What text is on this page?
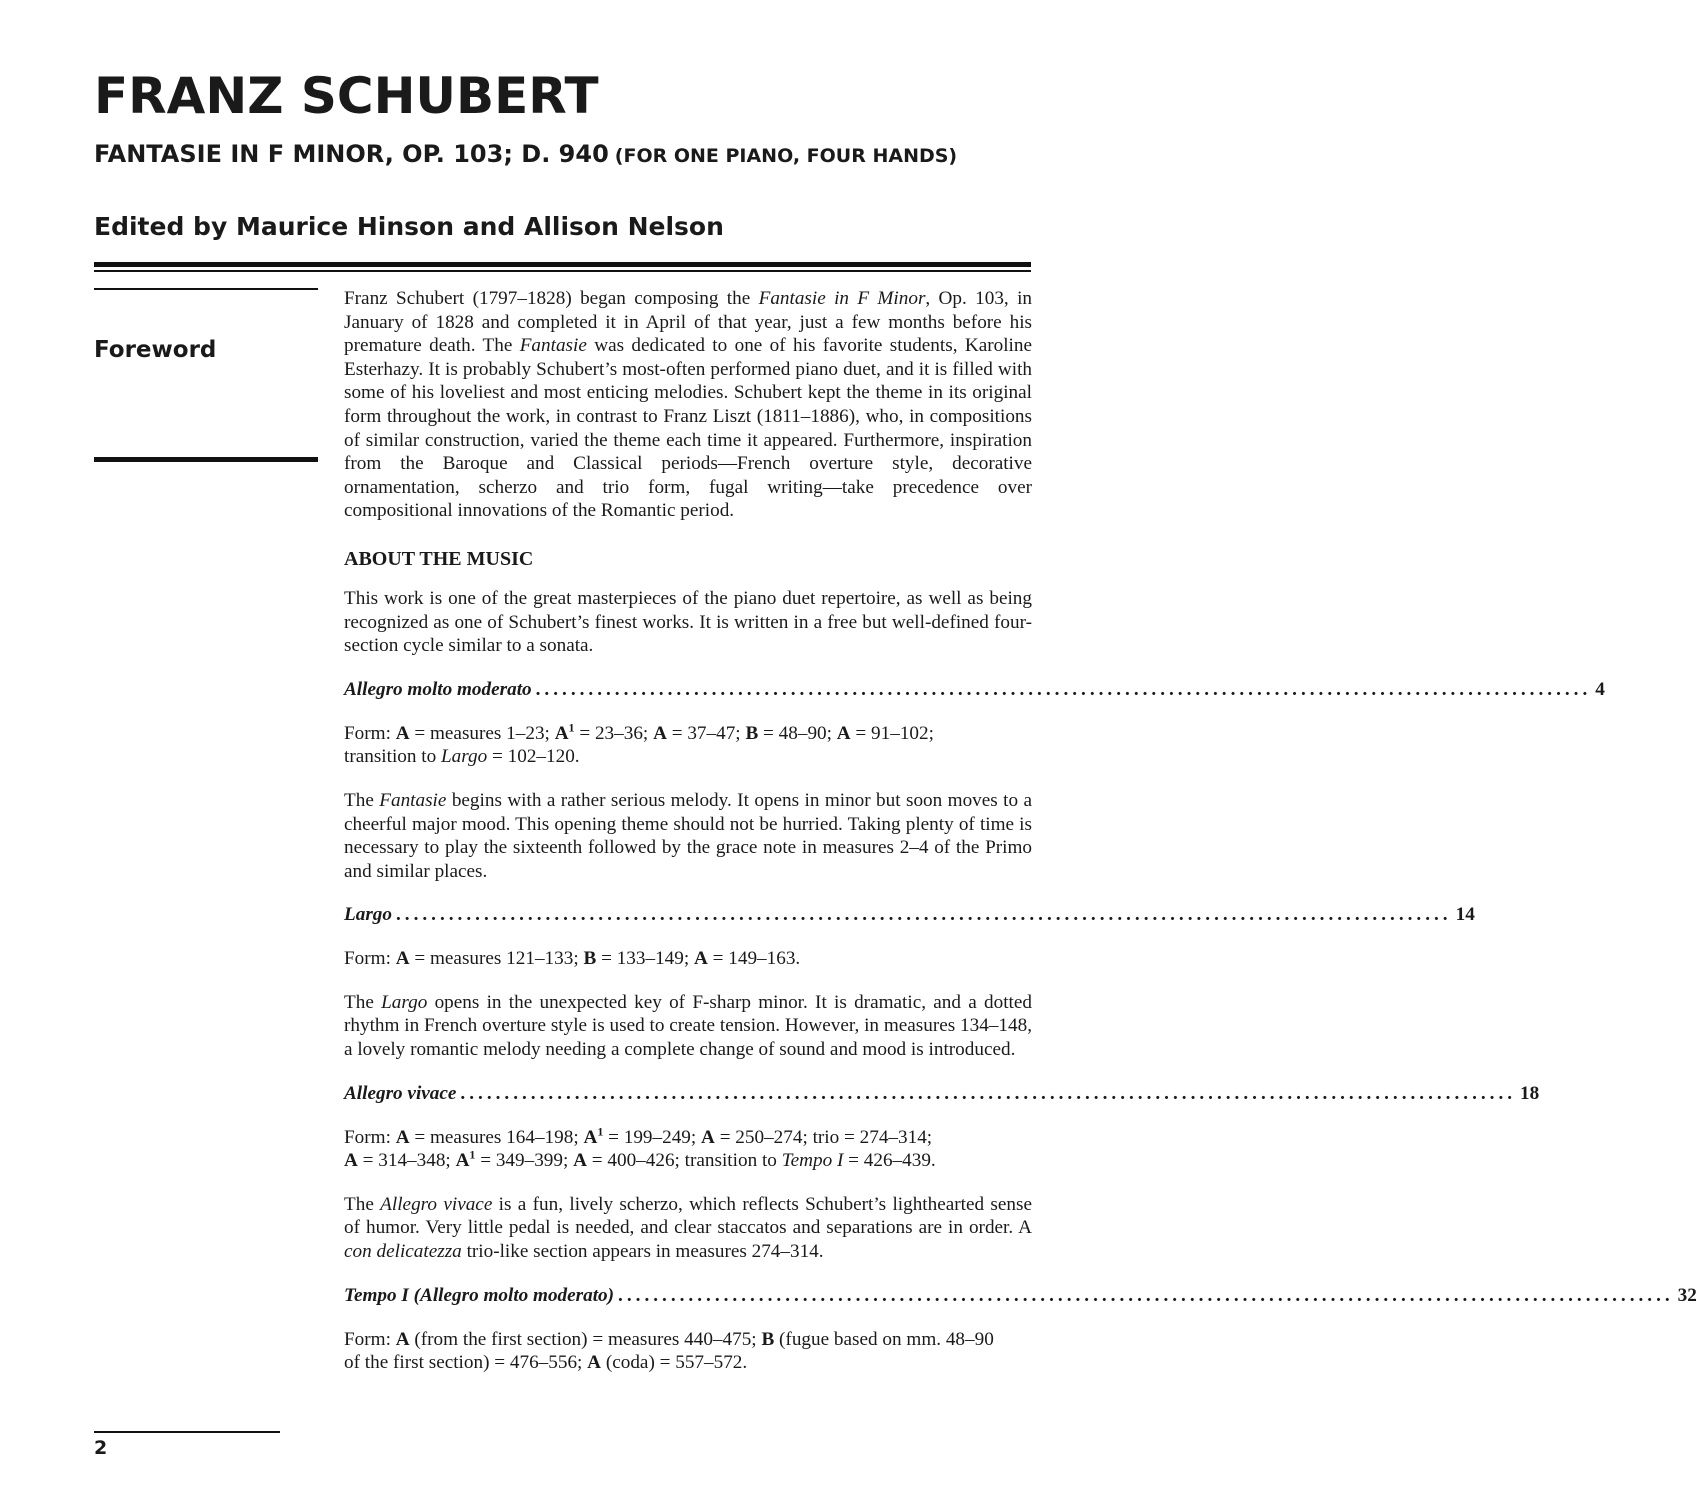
FRANZ SCHUBERT
FANTASIE IN F MINOR, OP. 103; D. 940 (FOR ONE PIANO, FOUR HANDS)
Edited by Maurice Hinson and Allison Nelson
Foreword

Franz Schubert (1797–1828) began composing the Fantasie in F Minor, Op. 103, in January of 1828 and completed it in April of that year, just a few months before his premature death. The Fantasie was dedicated to one of his favorite students, Karoline Esterhazy. It is probably Schubert’s most-often performed piano duet, and it is filled with some of his loveliest and most enticing melodies. Schubert kept the theme in its original form throughout the work, in contrast to Franz Liszt (1811–1886), who, in compositions of similar construction, varied the theme each time it appeared. Furthermore, inspiration from the Baroque and Classical periods—French overture style, decorative ornamentation, scherzo and trio form, fugal writing—take precedence over compositional innovations of the Romantic period.

ABOUT THE MUSIC

This work is one of the great masterpieces of the piano duet repertoire, as well as being recognized as one of Schubert’s finest works. It is written in a free but well-defined four-section cycle similar to a sonata.

Allegro molto moderato ........................................................................................................................ 4

Form: A = measures 1–23; $A^1 = 23-36$; A = 37–47; B = 48–90; A = 91–102;

transition to Largo = 102–120.

The Fantasie begins with a rather serious melody. It opens in minor but soon moves to a cheerful major mood. This opening theme should not be hurried. Taking plenty of time is necessary to play the sixteenth followed by the grace note in measures 2–4 of the Primo and similar places.

Largo ........................................................................................................................ 14

Form: A = measures 121–133; B = 133–149; A = 149–163.

The Largo opens in the unexpected key of F-sharp minor. It is dramatic, and a dotted rhythm in French overture style is used to create tension. However, in measures 134–148, a lovely romantic melody needing a complete change of sound and mood is introduced.

Allegro vivace ........................................................................................................................ 18

Form: A = measures 164–198; $A^1 = 199-249$; A = 250–274; trio = 274–314;

A = 314–348; $A^1 = 349-399$; A = 400–426; transition to Tempo I = 426–439.

The Allegro vivace is a fun, lively scherzo, which reflects Schubert’s lighthearted sense of humor. Very little pedal is needed, and clear staccatos and separations are in order. A con delicatezza trio-like section appears in measures 274–314.

Tempo I (Allegro molto moderato) ........................................................................................................................ 32

Form: A (from the first section) = measures 440–475; B (fugue based on mm. 48–90

of the first section) = 476–556; A (coda) = 557–572.

2
